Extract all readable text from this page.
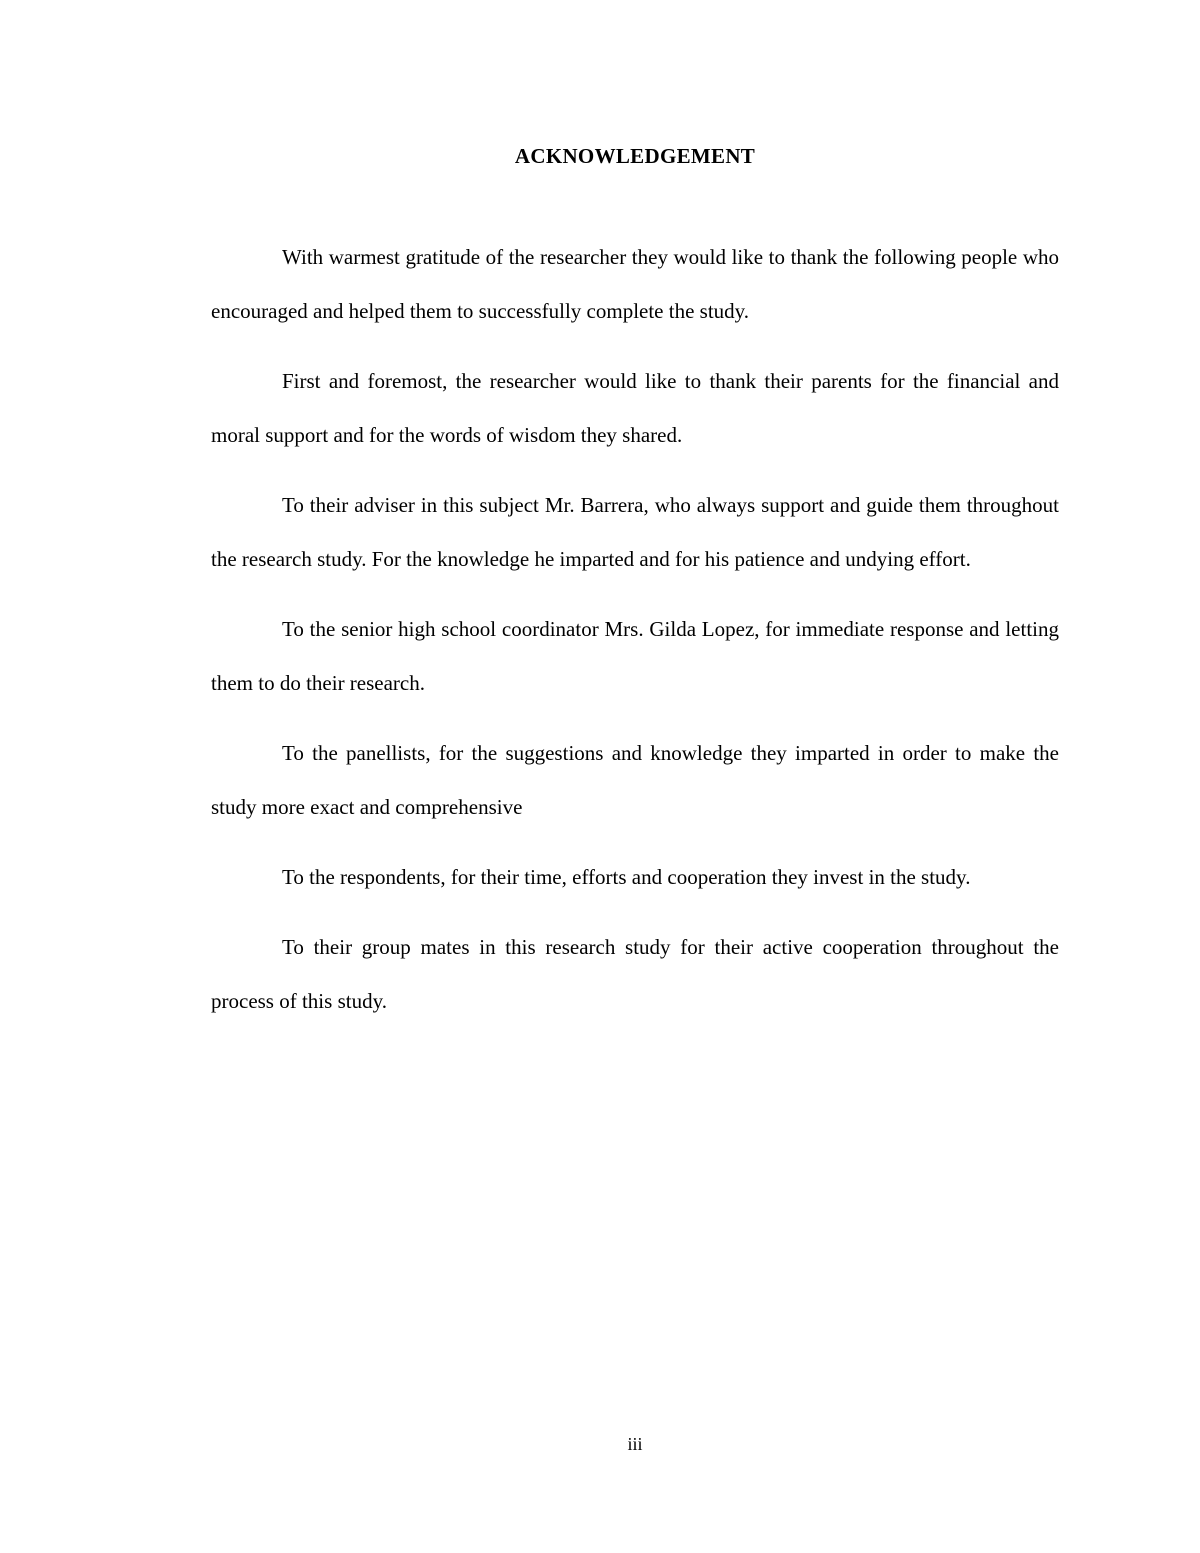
ACKNOWLEDGEMENT

With warmest gratitude of the researcher they would like to thank the following people who encouraged and helped them to successfully complete the study.

First and foremost, the researcher would like to thank their parents for the financial and moral support and for the words of wisdom they shared.

To their adviser in this subject Mr. Barrera, who always support and guide them throughout the research study. For the knowledge he imparted and for his patience and undying effort.

To the senior high school coordinator Mrs. Gilda Lopez, for immediate response and letting them to do their research.

To the panellists, for the suggestions and knowledge they imparted in order to make the study more exact and comprehensive

To the respondents, for their time, efforts and cooperation they invest in the study.

To their group mates in this research study for their active cooperation throughout the process of this study.

iii
